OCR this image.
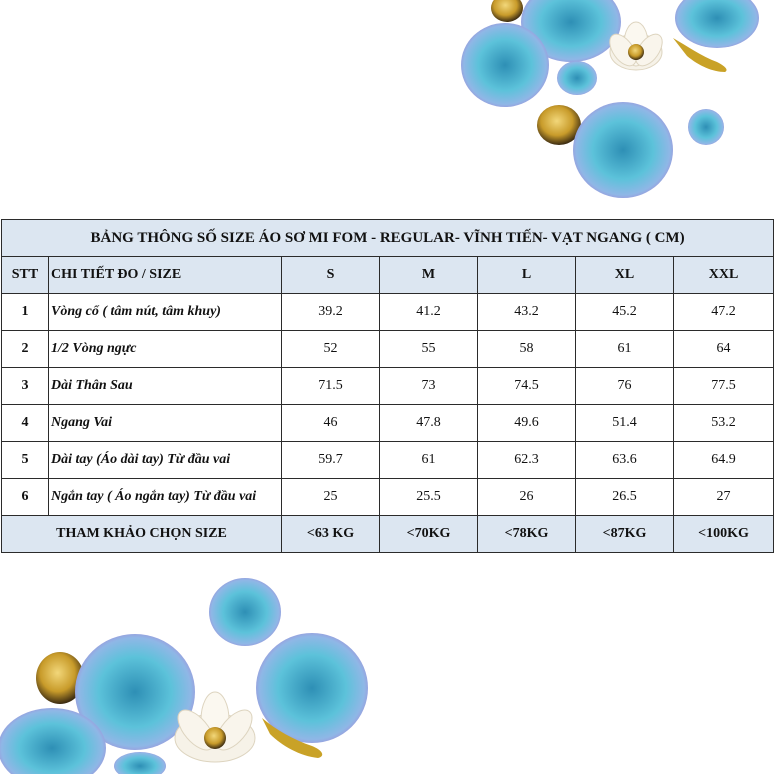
BẢNG THÔNG SỐ SIZE ÁO SƠ MI FOM - REGULAR- VĨNH TIẾN- VẠT NGANG ( CM)						
STT	CHI TIẾT ĐO / SIZE	S	M	L	XL	XXL
1	Vòng cổ ( tâm nút, tâm khuy)	39.2	41.2	43.2	45.2	47.2
2	1/2 Vòng ngực	52	55	58	61	64
3	Dài Thân Sau	71.5	73	74.5	76	77.5
4	Ngang Vai	46	47.8	49.6	51.4	53.2
5	Dài tay (Áo dài tay) Từ đầu vai	59.7	61	62.3	63.6	64.9
6	Ngắn tay ( Áo ngắn tay) Từ đầu vai	25	25.5	26	26.5	27
THAM KHẢO CHỌN SIZE		<63 KG	<70KG	<78KG	<87KG	<100KG
